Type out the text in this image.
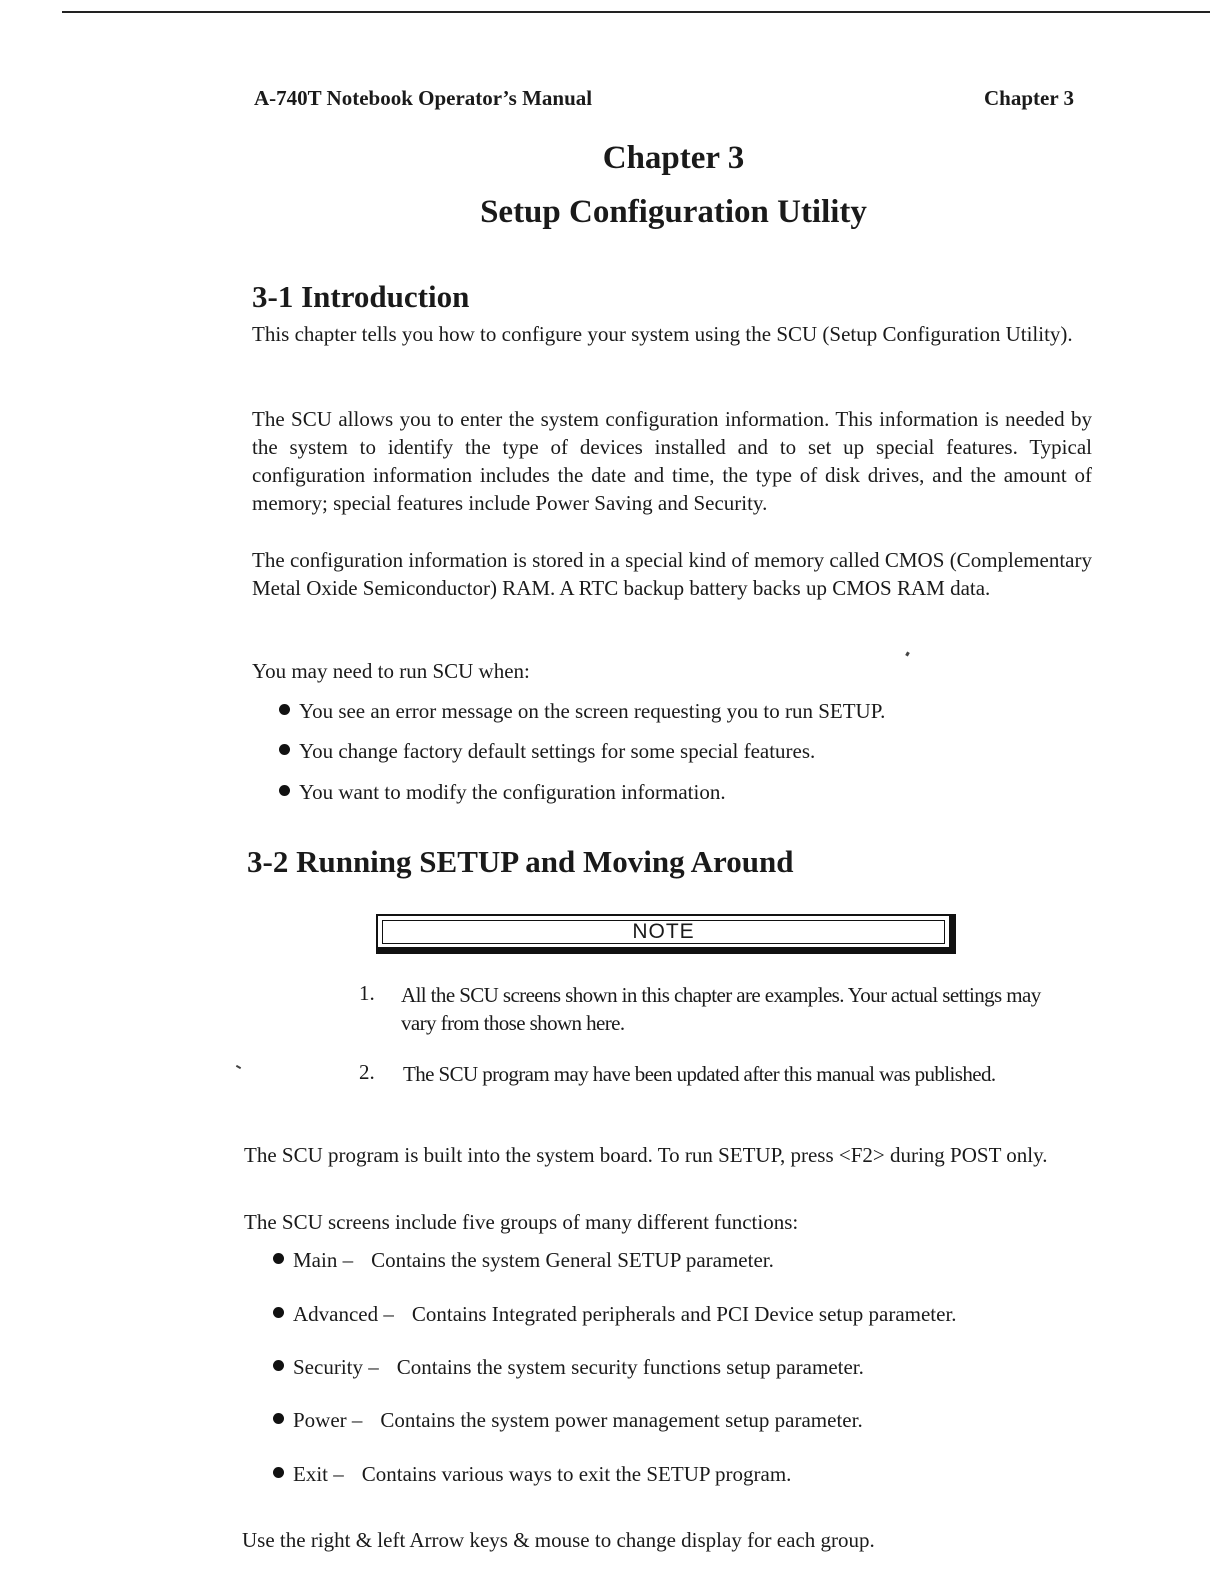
A-740T Notebook Operator’s Manual	Chapter 3
Chapter 3
Setup Configuration Utility
3-1 Introduction
This chapter tells you how to configure your system using the SCU (Setup Configuration Utility).
The SCU allows you to enter the system configuration information. This information is needed by the system to identify the type of devices installed and to set up special features. Typical configuration information includes the date and time, the type of disk drives, and the amount of memory; special features include Power Saving and Security.
The configuration information is stored in a special kind of memory called CMOS (Complementary Metal Oxide Semiconductor) RAM. A RTC backup battery backs up CMOS RAM data.
You may need to run SCU when:
You see an error message on the screen requesting you to run SETUP.
You change factory default settings for some special features.
You want to modify the configuration information.
3-2 Running SETUP and Moving Around
NOTE
1. All the SCU screens shown in this chapter are examples. Your actual settings may vary from those shown here.
2. The SCU program may have been updated after this manual was published.
The SCU program is built into the system board. To run SETUP, press <F2> during POST only.
The SCU screens include five groups of many different functions:
Main – Contains the system General SETUP parameter.
Advanced – Contains Integrated peripherals and PCI Device setup parameter.
Security – Contains the system security functions setup parameter.
Power – Contains the system power management setup parameter.
Exit – Contains various ways to exit the SETUP program.
Use the right & left Arrow keys & mouse to change display for each group.
